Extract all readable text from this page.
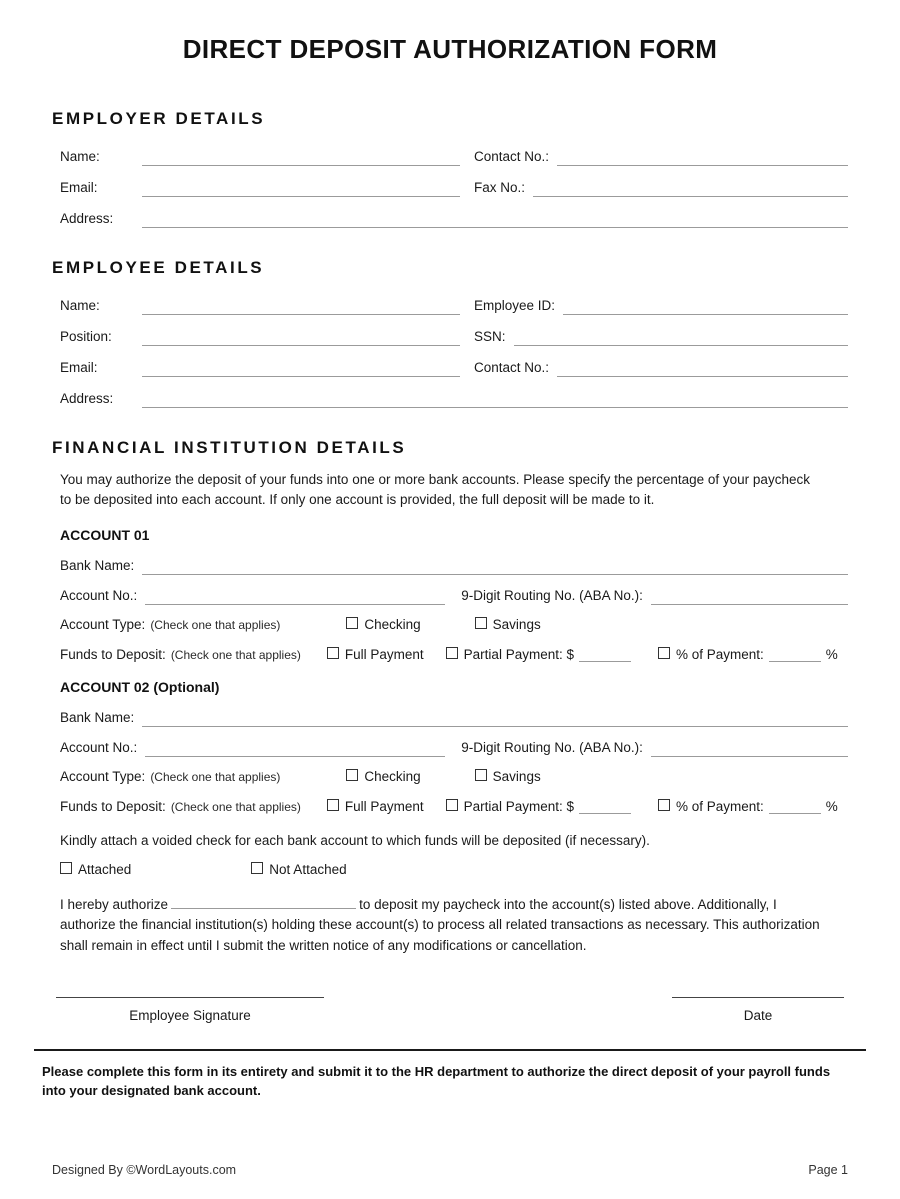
DIRECT DEPOSIT AUTHORIZATION FORM
EMPLOYER DETAILS
Name:	Contact No.:
Email:	Fax No.:
Address:
EMPLOYEE DETAILS
Name:	Employee ID:
Position:	SSN:
Email:	Contact No.:
Address:
FINANCIAL INSTITUTION DETAILS

You may authorize the deposit of your funds into one or more bank accounts. Please specify the percentage of your paycheck to be deposited into each account. If only one account is provided, the full deposit will be made to it.

ACCOUNT 01
Bank Name:
Account No.:	9-Digit Routing No. (ABA No.):
Account Type: (Check one that applies)	Checking	Savings
Funds to Deposit: (Check one that applies)	Full Payment	Partial Payment: $	% of Payment:	%
ACCOUNT 02 (Optional)
Bank Name:
Account No.:	9-Digit Routing No. (ABA No.):
Account Type: (Check one that applies)	Checking	Savings
Funds to Deposit: (Check one that applies)	Full Payment	Partial Payment: $	% of Payment:	%

Kindly attach a voided check for each bank account to which funds will be deposited (if necessary).

Attached	Not Attached

I hereby authorize	to deposit my paycheck into the account(s) listed above. Additionally, I authorize the financial institution(s) holding these account(s) to process all related transactions as necessary. This authorization shall remain in effect until I submit the written notice of any modifications or cancellation.

Employee Signature	Date

Please complete this form in its entirety and submit it to the HR department to authorize the direct deposit of your payroll funds into your designated bank account.

Designed By ©WordLayouts.com	Page 1
